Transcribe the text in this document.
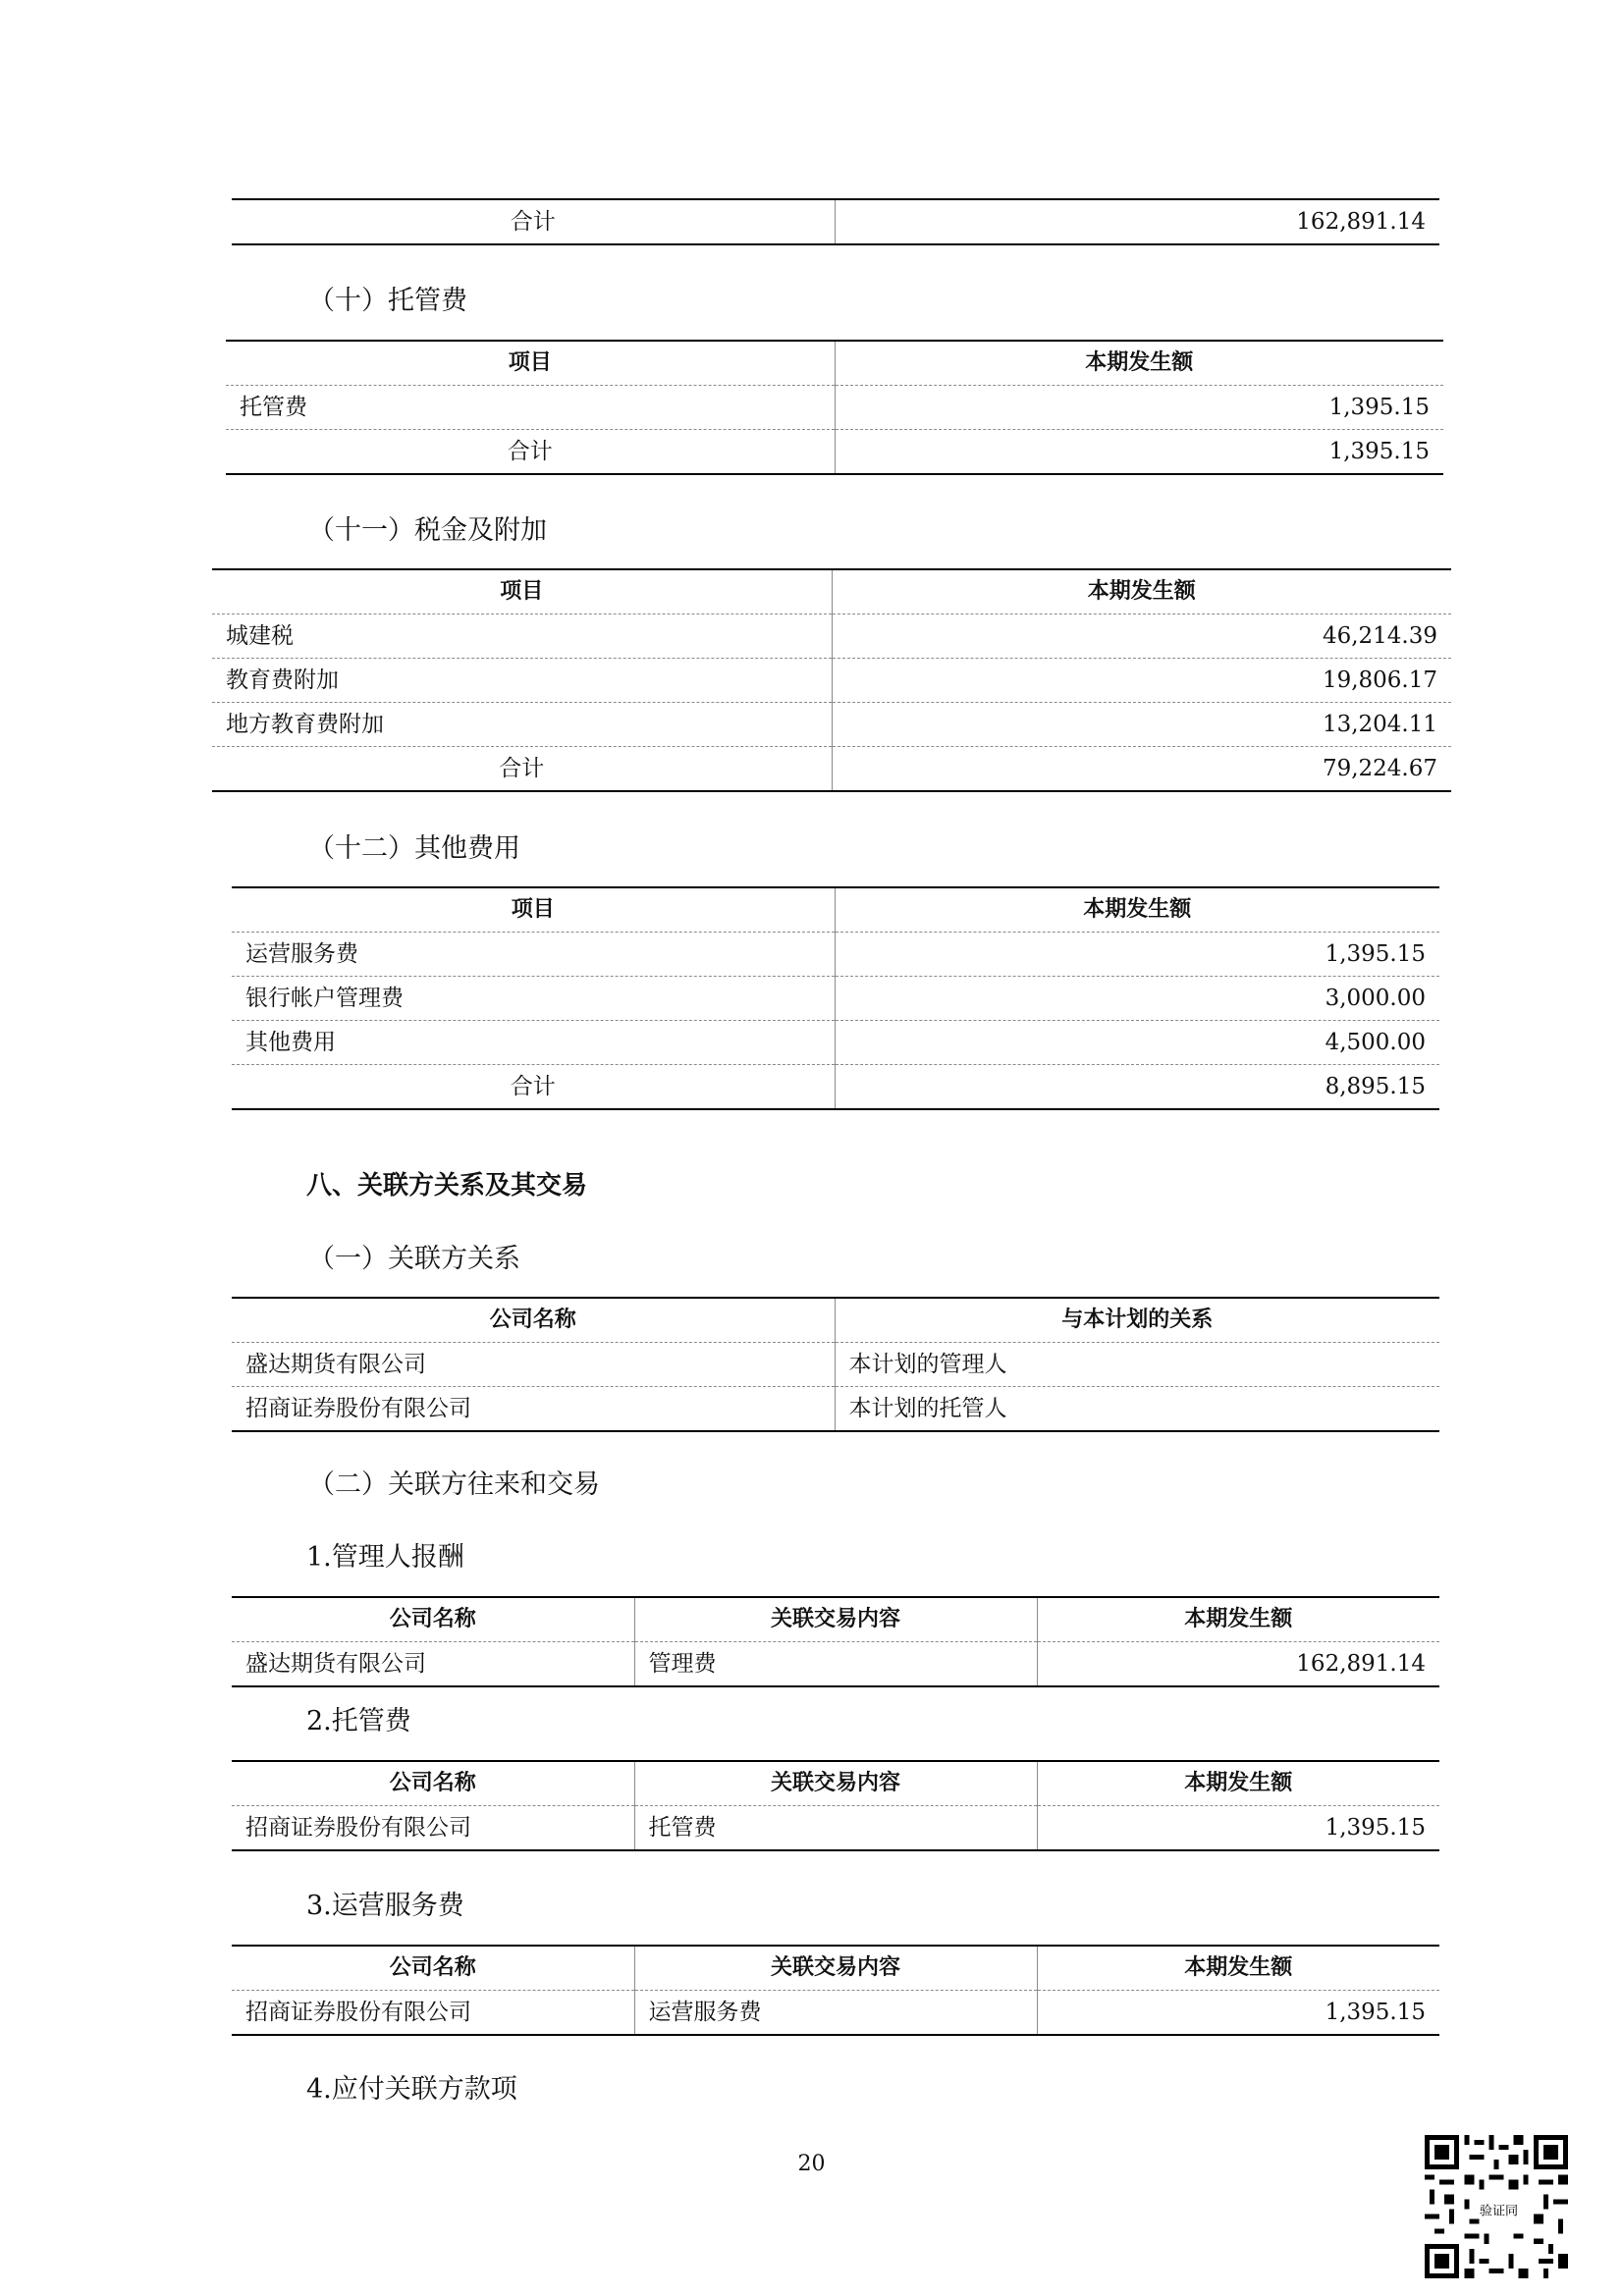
合计	162,891.14
（十）托管费
项目	本期发生额
托管费	1,395.15
合计	1,395.15
（十一）税金及附加
项目	本期发生额
城建税	46,214.39
教育费附加	19,806.17
地方教育费附加	13,204.11
合计	79,224.67
（十二）其他费用
项目	本期发生额
运营服务费	1,395.15
银行帐户管理费	3,000.00
其他费用	4,500.00
合计	8,895.15
八、关联方关系及其交易
（一）关联方关系
公司名称	与本计划的关系
盛达期货有限公司	本计划的管理人
招商证券股份有限公司	本计划的托管人
（二）关联方往来和交易
1.管理人报酬
公司名称	关联交易内容	本期发生额
盛达期货有限公司	管理费	162,891.14
2.托管费
公司名称	关联交易内容	本期发生额
招商证券股份有限公司	托管费	1,395.15
3.运营服务费
公司名称	关联交易内容	本期发生额
招商证券股份有限公司	运营服务费	1,395.15
4.应付关联方款项
20
验证同
